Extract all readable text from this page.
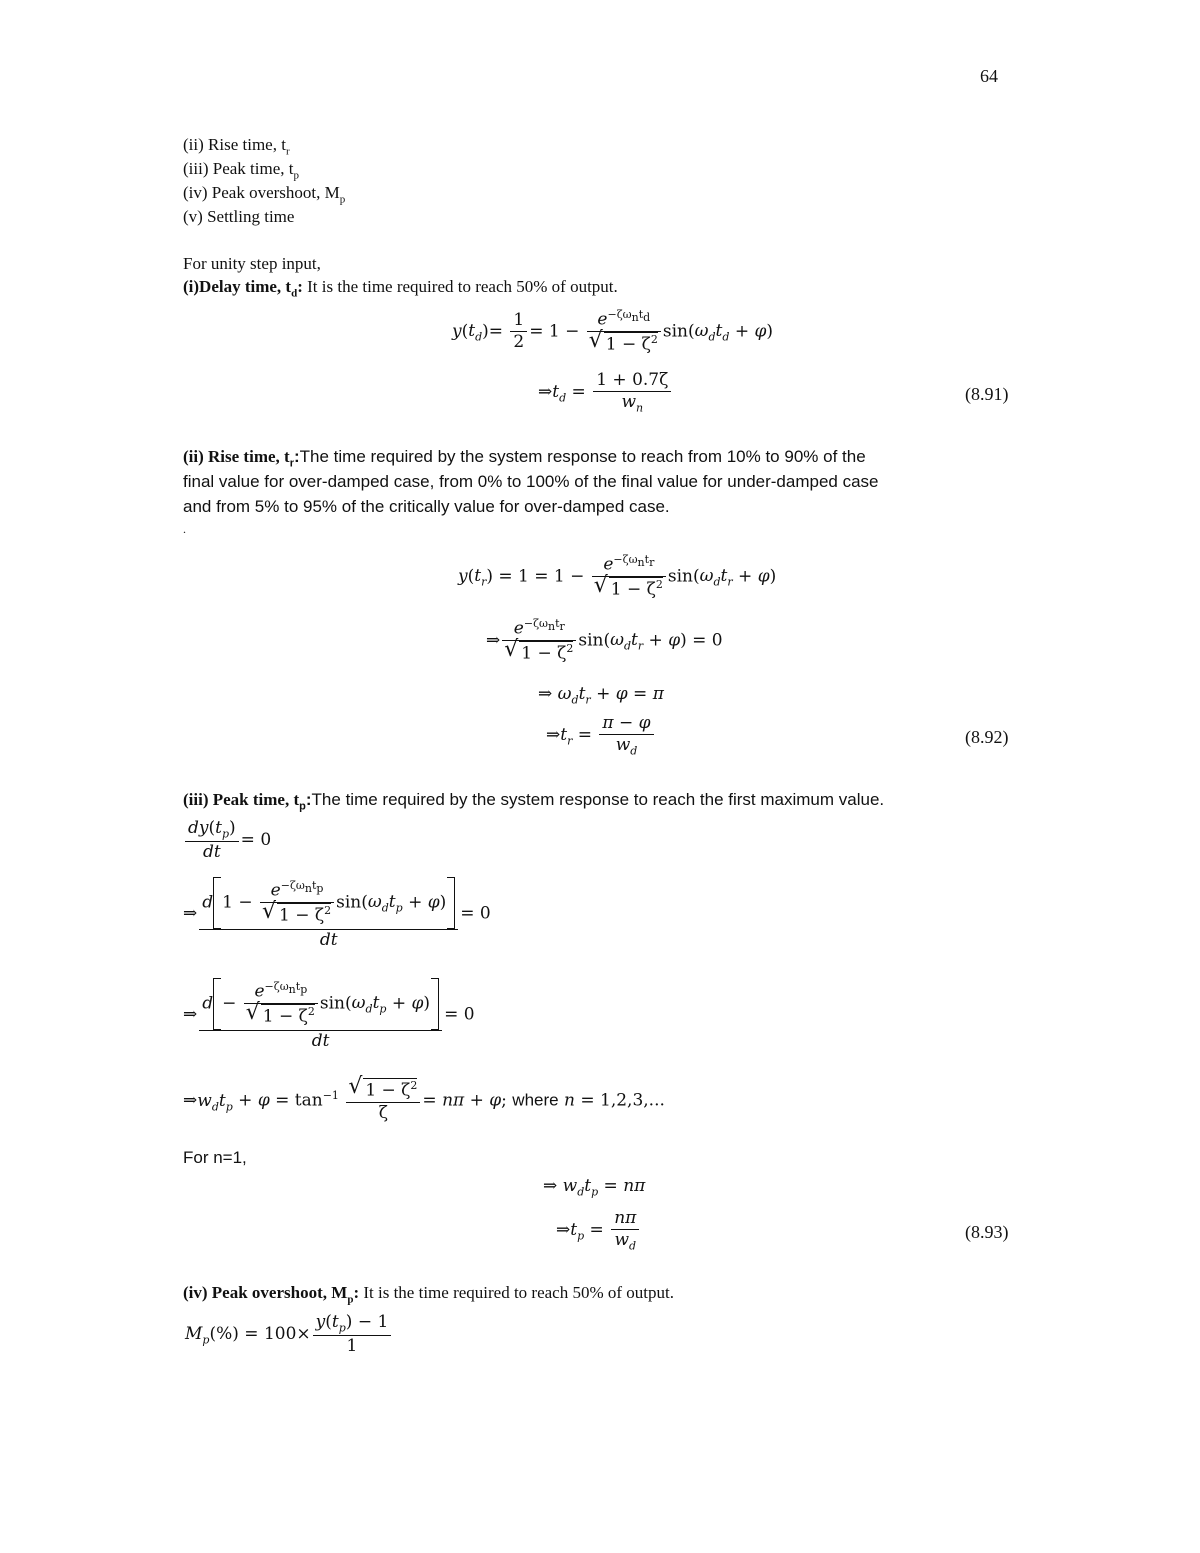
64
(ii) Rise time, $t_r$
(iii) Peak time, $t_p$
(iv) Peak overshoot, $M_p$
(v) Settling time
For unity step input,
(i)Delay time, $t_d$: It is the time required to reach 50% of output.
$y(t_d)= \frac{1}{2} = 1 - e^{-\zeta\omega_nt_d}$
√ $1 - \zeta^2$ $\sin(\omega_dt_d + \varphi)$
$\Rightarrow t_d = \frac{1 + 0.7\zeta}{w_n}$	(8.91)
(ii) Rise time, $t_r:The$ time required by the system response to reach from 10% to 90% of the
final value for over-damped case, from 0% to 100% of the final value for under-damped case
and from 5% to 95% of the critically value for over-damped case.
.
$y(t_r) = 1 = 1 - e^{-\zeta\omega_nt_r}$
√ $1 - \zeta^2$ $\sin(\omega_dt_r + \varphi)$
⇒ $e^{-\zeta\omega_nt_r}$
√ $1 - \zeta^2$ $\sin(\omega_dt_r + \varphi) = 0$
⇒ $\omega_dt_r + \varphi = \pi$
$\Rightarrow t_r = \frac{\pi - \varphi}{w_d}$	(8.92)
(iii) Peak time, $t_p:The$ time required by the system response to reach the first maximum value.
$\frac{dy(t_p)}{dt} = 0$
⇒ d $1 - e^{-\zeta\omega_nt_p}$
√ $1 - \zeta^2$ $\sin(\omega_dt_p + \varphi)$
dt = 0
⇒ $d - e^{-\zeta\omega_nt_p}$
√ $1 - \zeta^2$ $\sin(\omega_dt_p + \varphi)$
dt = 0
$\Rightarrow w_dt_p + \varphi = \tan^{-1}$
√ $\frac{1 - \zeta^2}{\zeta} = n\pi + \varphi$; where n = 1,2,3,...
For n=1,
⇒ $w_dt_p = n\pi$
$\Rightarrow t_p = \frac{n\pi}{w_d}$	(8.93)
(iv) Peak overshoot, $M_p$: It is the time required to reach 50% of output.
$M_p(\%) = 100\times \frac{y(t_p) - 1}{1}$
